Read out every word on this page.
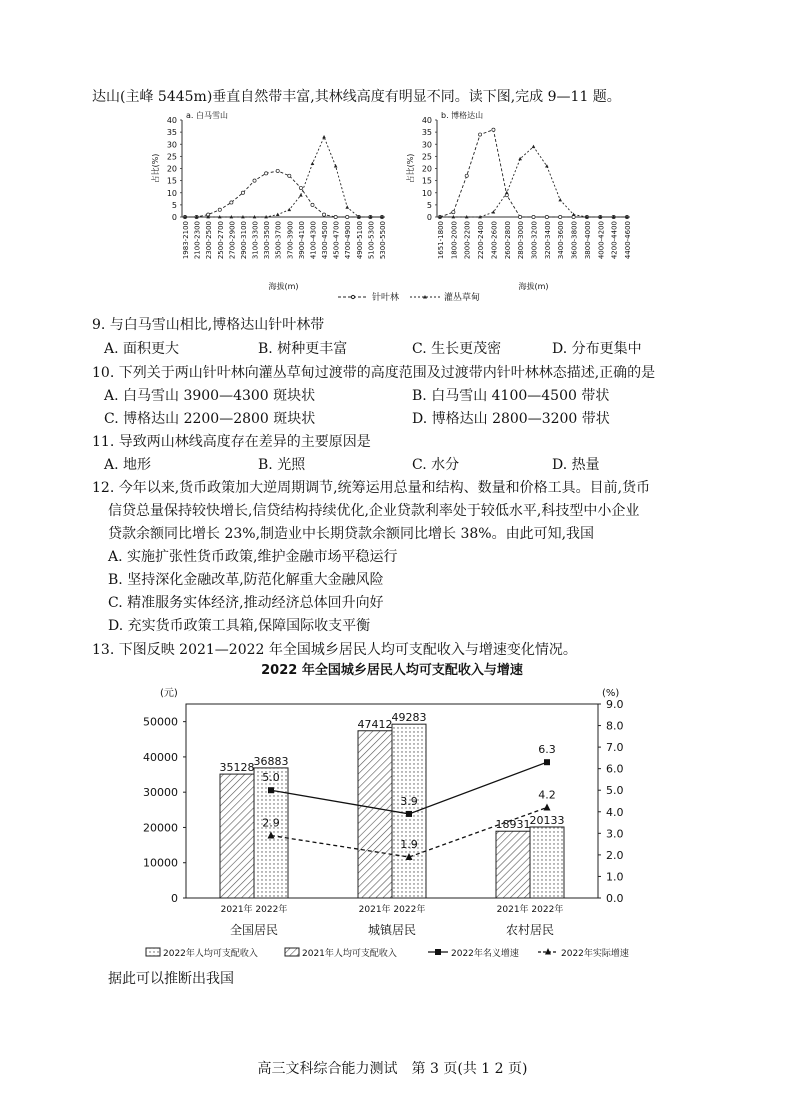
达山(主峰 5445m)垂直自然带丰富,其林线高度有明显不同。读下图,完成 9—11 题。
0
5
10
15
20
25
30
35
40
a. 白马雪山
占比(%)
1983-2100 2100-2300 2300-2500 2500-2700 2700-2900 2900-3100 3100-3300 3300-3500 3500-3700 3700-3900 3900-4100 4100-4300 4300-4500 4500-4700 4700-4900 4900-5100 5100-5300 5300-5500
海拔(m)
0
5
10
15
20
25
30
35
40
b. 博格达山
占比(%)
1651-1800 1800-2000 2000-2200 2200-2400 2400-2600 2600-2800 2800-3000 3000-3200 3200-3400 3400-3600 3600-3800 3800-4000 4000-4200 4200-4400 4400-4600
海拔(m)
针叶林	灌丛草甸
9. 与白马雪山相比,博格达山针叶林带
A. 面积更大	B. 树种更丰富	C. 生长更茂密	D. 分布更集中
10. 下列关于两山针叶林向灌丛草甸过渡带的高度范围及过渡带内针叶林林态描述,正确的是
A. 白马雪山 3900—4300 斑块状	B. 白马雪山 4100—4500 带状
C. 博格达山 2200—2800 斑块状	D. 博格达山 2800—3200 带状
11. 导致两山林线高度存在差异的主要原因是
A. 地形	B. 光照	C. 水分	D. 热量
12. 今年以来,货币政策加大逆周期调节,统筹运用总量和结构、数量和价格工具。目前,货币
信贷总量保持较快增长,信贷结构持续优化,企业贷款利率处于较低水平,科技型中小企业
贷款余额同比增长 23%,制造业中长期贷款余额同比增长 38%。由此可知,我国
A. 实施扩张性货币政策,维护金融市场平稳运行
B. 坚持深化金融改革,防范化解重大金融风险
C. 精准服务实体经济,推动经济总体回升向好
D. 充实货币政策工具箱,保障国际收支平衡
13. 下图反映 2021—2022 年全国城乡居民人均可支配收入与增速变化情况。
2022 年全国城乡居民人均可支配收入与增速
(元)	(%)
0
10000
20000
30000
40000
50000
0.0
1.0
2.0
3.0
4.0
5.0
6.0
7.0
8.0
9.0
35128 36883
2021年 2022年
全国居民
47412
49283
2021年 2022年
城镇居民
18931 20133
2021年 2022年
农村居民
5.0
3.9
6.3
2.9
1.9
4.2
2022年人均可支配收入	2021年人均可支配收入	2022年名义增速	2022年实际增速
据此可以推断出我国
高三文科综合能力测试　第 3 页(共 1 2 页)
